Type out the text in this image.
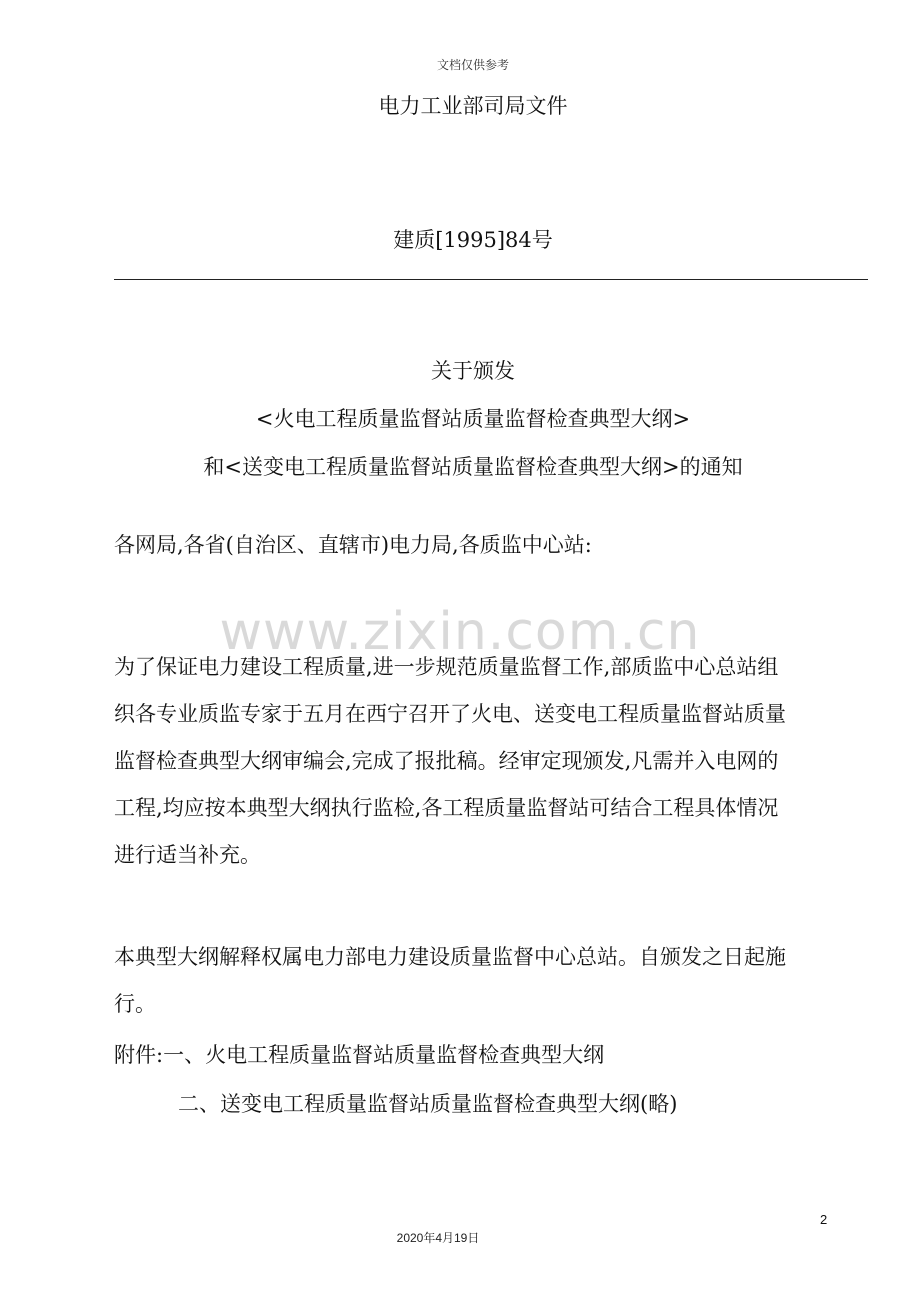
文档仅供参考
电力工业部司局文件
建质[1995]84号
关于颁发
<火电工程质量监督站质量监督检查典型大纲>
和<送变电工程质量监督站质量监督检查典型大纲>的通知
各网局,各省(自治区、直辖市)电力局,各质监中心站:
www.zixin.com.cn
为了保证电力建设工程质量,进一步规范质量监督工作,部质监中心总站组
织各专业质监专家于五月在西宁召开了火电、送变电工程质量监督站质量
监督检查典型大纲审编会,完成了报批稿。经审定现颁发,凡需并入电网的
工程,均应按本典型大纲执行监检,各工程质量监督站可结合工程具体情况
进行适当补充。
本典型大纲解释权属电力部电力建设质量监督中心总站。自颁发之日起施
行。
附件:一、火电工程质量监督站质量监督检查典型大纲
二、送变电工程质量监督站质量监督检查典型大纲(略)
2
2020年4月19日
